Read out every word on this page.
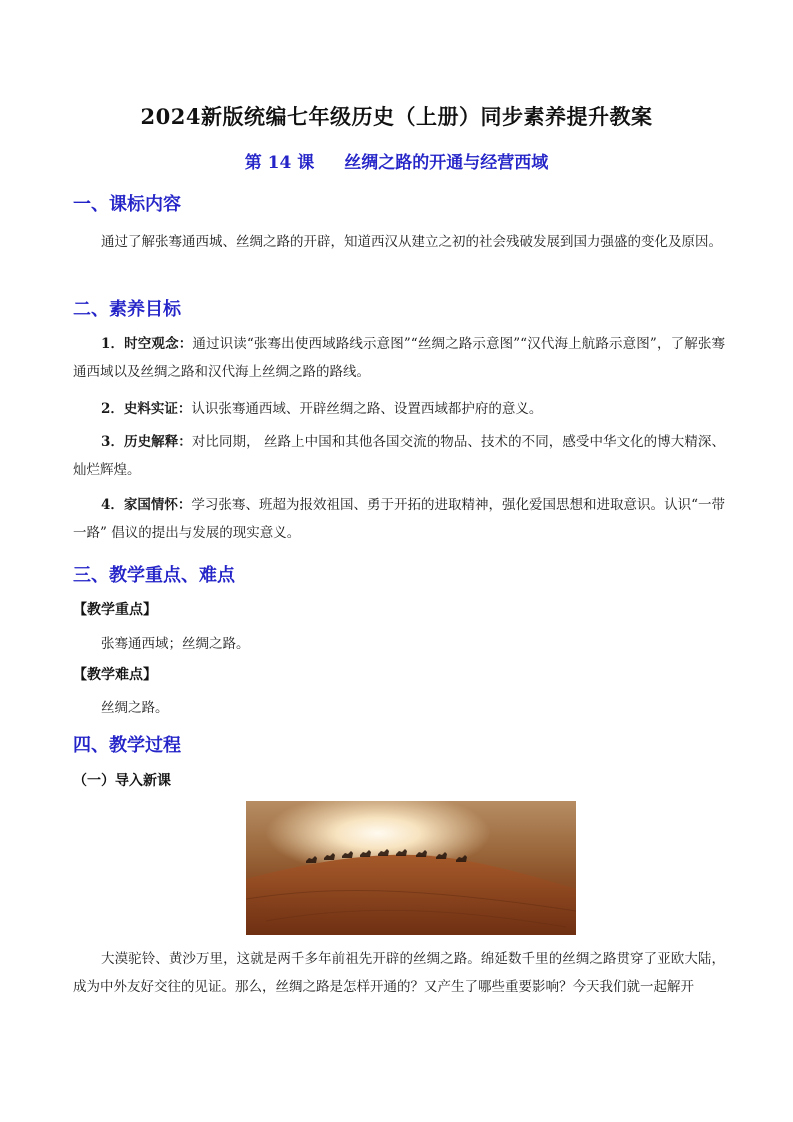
2024新版统编七年级历史（上册）同步素养提升教案
第 14 课 丝绸之路的开通与经营西域
一、课标内容
通过了解张骞通西城、丝绸之路的开辟，知道西汉从建立之初的社会残破发展到国力强盛的变化及原因。
二、素养目标
1．时空观念：通过识读“张骞出使西域路线示意图”“丝绸之路示意图”“汉代海上航路示意图”，了解张骞通西域以及丝绸之路和汉代海上丝绸之路的路线。
2．史料实证：认识张骞通西域、开辟丝绸之路、设置西域都护府的意义。
3．历史解释：对比同期， 丝路上中国和其他各国交流的物品、技术的不同，感受中华文化的博大精深、灿烂辉煌。
4．家国情怀：学习张骞、班超为报效祖国、勇于开拓的进取精神，强化爱国思想和进取意识。认识“一带一路” 倡议的提出与发展的现实意义。
三、教学重点、难点
【教学重点】
张骞通西域；丝绸之路。
【教学难点】
丝绸之路。
四、教学过程
（一）导入新课
大漠驼铃、黄沙万里，这就是两千多年前祖先开辟的丝绸之路。绵延数千里的丝绸之路贯穿了亚欧大陆，成为中外友好交往的见证。那么，丝绸之路是怎样开通的？又产生了哪些重要影响？今天我们就一起解开
